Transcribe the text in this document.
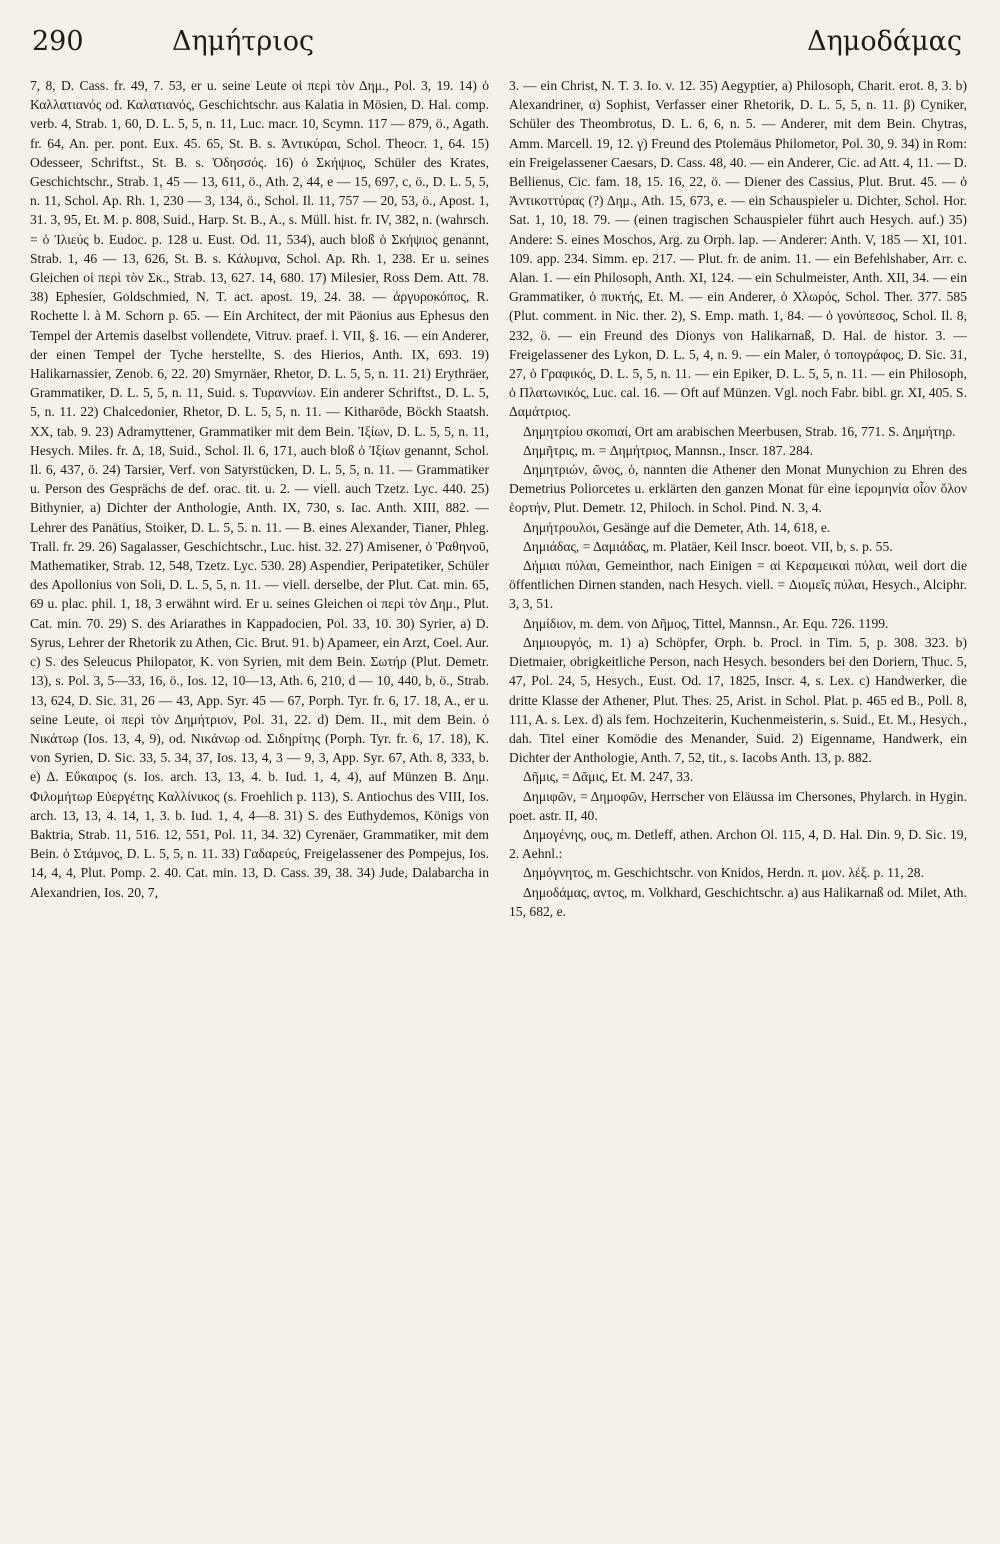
290	Δημήτριος	Δημοδάμας

7, 8, D. Cass. fr. 49, 7. 53, er u. seine Leute οἱ περὶ τὸν Δημ., Pol. 3, 19. 14) ὁ Καλλατιανός od. Καλατιανός, Geschichtschr. aus Kalatia in Mösien, D. Hal. comp. verb. 4, Strab. 1, 60, D. L. 5, 5, n. 11, Luc. macr. 10, Scymn. 117 — 879, ö., Agath. fr. 64, An. per. pont. Eux. 45. 65, St. B. s. Ἀντικύραι, Schol. Theocr. 1, 64. 15) Odesseer, Schriftst., St. B. s. Ὀδησσός. 16) ὁ Σκήψιος, Schüler des Krates, Geschichtschr., Strab. 1, 45 — 13, 611, ö., Ath. 2, 44, e — 15, 697, c, ö., D. L. 5, 5, n. 11, Schol. Ap. Rh. 1, 230 — 3, 134, ö., Schol. Il. 11, 757 — 20, 53, ö., Apost. 1, 31. 3, 95, Et. M. p. 808, Suid., Harp. St. B., A., s. Müll. hist. fr. IV, 382, n. (wahrsch. = ὁ Ἰλιεύς b. Eudoc. p. 128 u. Eust. Od. 11, 534), auch bloß ὁ Σκήψιος genannt, Strab. 1, 46 — 13, 626, St. B. s. Κάλυμνα, Schol. Ap. Rh. 1, 238. Er u. seines Gleichen οἱ περὶ τὸν Σκ., Strab. 13, 627. 14, 680. 17) Milesier, Ross Dem. Att. 78. 38) Ephesier, Goldschmied, N. T. act. apost. 19, 24. 38. — ἀργυροκόπος, R. Rochette l. à M. Schorn p. 65. — Ein Architect, der mit Päonius aus Ephesus den Tempel der Artemis daselbst vollendete, Vitruv. praef. l. VII, §. 16. — ein Anderer, der einen Tempel der Tyche herstellte, S. des Hierios, Anth. IX, 693. 19) Halikarnassier, Zenob. 6, 22. 20) Smyrnäer, Rhetor, D. L. 5, 5, n. 11. 21) Erythräer, Grammatiker, D. L. 5, 5, n. 11, Suid. s. Τυραννίων. Ein anderer Schriftst., D. L. 5, 5, n. 11. 22) Chalcedonier, Rhetor, D. L. 5, 5, n. 11. — Kitharöde, Böckh Staatsh. XX, tab. 9. 23) Adramyttener, Grammatiker mit dem Bein. Ἰξίων, D. L. 5, 5, n. 11, Hesych. Miles. fr. Δ, 18, Suid., Schol. Il. 6, 171, auch bloß ὁ Ἰξίων genannt, Schol. Il. 6, 437, ö. 24) Tarsier, Verf. von Satyrstücken, D. L. 5, 5, n. 11. — Grammatiker u. Person des Gesprächs de def. orac. tit. u. 2. — viell. auch Tzetz. Lyc. 440. 25) Bithynier, a) Dichter der Anthologie, Anth. IX, 730, s. Iac. Anth. XIII, 882. — Lehrer des Panätius, Stoiker, D. L. 5, 5. n. 11. — B. eines Alexander, Tianer, Phleg. Trall. fr. 29. 26) Sagalasser, Geschichtschr., Luc. hist. 32. 27) Amisener, ὁ Ῥαθηνοῦ, Mathematiker, Strab. 12, 548, Tzetz. Lyc. 530. 28) Aspendier, Peripatetiker, Schüler des Apollonius von Soli, D. L. 5, 5, n. 11. — viell. derselbe, der Plut. Cat. min. 65, 69 u. plac. phil. 1, 18, 3 erwähnt wird. Er u. seines Gleichen οἱ περὶ τὸν Δημ., Plut. Cat. min. 70. 29) S. des Ariarathes in Kappadocien, Pol. 33, 10. 30) Syrier, a) D. Syrus, Lehrer der Rhetorik zu Athen, Cic. Brut. 91. b) Apameer, ein Arzt, Coel. Aur. c) S. des Seleucus Philopator, K. von Syrien, mit dem Bein. Σωτήρ (Plut. Demetr. 13), s. Pol. 3, 5—33, 16, ö., Ios. 12, 10—13, Ath. 6, 210, d — 10, 440, b, ö., Strab. 13, 624, D. Sic. 31, 26 — 43, App. Syr. 45 — 67, Porph. Tyr. fr. 6, 17. 18, A., er u. seine Leute, οἱ περὶ τὸν Δημήτριον, Pol. 31, 22. d) Dem. II., mit dem Bein. ὁ Νικάτωρ (Ios. 13, 4, 9), od. Νικάνωρ od. Σιδηρίτης (Porph. Tyr. fr. 6, 17. 18), K. von Syrien, D. Sic. 33, 5. 34, 37, Ios. 13, 4, 3 — 9, 3, App. Syr. 67, Ath. 8, 333, b. e) Δ. Εὔκαιρος (s. Ios. arch. 13, 13, 4. b. Iud. 1, 4, 4), auf Münzen Β. Δημ. Φιλομήτωρ Εὐεργέτης Καλλίνικος (s. Froehlich p. 113), S. Antiochus des VIII, Ios. arch. 13, 13, 4. 14, 1, 3. b. Iud. 1, 4, 4—8. 31) S. des Euthydemos, Königs von Baktria, Strab. 11, 516. 12, 551, Pol. 11, 34. 32) Cyrenäer, Grammatiker, mit dem Bein. ὁ Στάμνος, D. L. 5, 5, n. 11. 33) Γαδαρεύς, Freigelassener des Pompejus, Ios. 14, 4, 4, Plut. Pomp. 2. 40. Cat. min. 13, D. Cass. 39, 38. 34) Jude, Dalabarcha in Alexandrien, Ios. 20, 7,

3. — ein Christ, N. T. 3. Io. v. 12. 35) Aegyptier, a) Philosoph, Charit. erot. 8, 3. b) Alexandriner, α) Sophist, Verfasser einer Rhetorik, D. L. 5, 5, n. 11. β) Cyniker, Schüler des Theombrotus, D. L. 6, 6, n. 5. — Anderer, mit dem Bein. Chytras, Amm. Marcell. 19, 12. γ) Freund des Ptolemäus Philometor, Pol. 30, 9. 34) in Rom: ein Freigelassener Caesars, D. Cass. 48, 40. — ein Anderer, Cic. ad Att. 4, 11. — D. Bellienus, Cic. fam. 18, 15. 16, 22, ö. — Diener des Cassius, Plut. Brut. 45. — ὁ Ἀντικοττύρας (?) Δημ., Ath. 15, 673, e. — ein Schauspieler u. Dichter, Schol. Hor. Sat. 1, 10, 18. 79. — (einen tragischen Schauspieler führt auch Hesych. auf.) 35) Andere: S. eines Moschos, Arg. zu Orph. lap. — Anderer: Anth. V, 185 — XI, 101. 109. app. 234. Simm. ep. 217. — Plut. fr. de anim. 11. — ein Befehlshaber, Arr. c. Alan. 1. — ein Philosoph, Anth. XI, 124. — ein Schulmeister, Anth. XII, 34. — ein Grammatiker, ὁ πυκτής, Et. M. — ein Anderer, ὁ Χλωρός, Schol. Ther. 377. 585 (Plut. comment. in Nic. ther. 2), S. Emp. math. 1, 84. — ὁ γονύπεσος, Schol. Il. 8, 232, ö. — ein Freund des Dionys von Halikarnaß, D. Hal. de histor. 3. — Freigelassener des Lykon, D. L. 5, 4, n. 9. — ein Maler, ὁ τοπογράφος, D. Sic. 31, 27, ὁ Γραφικός, D. L. 5, 5, n. 11. — ein Epiker, D. L. 5, 5, n. 11. — ein Philosoph, ὁ Πλατωνικός, Luc. cal. 16. — Oft auf Münzen. Vgl. noch Fabr. bibl. gr. XI, 405. S. Δαμάτριος.

Δημητρίου σκοπιαί, Ort am arabischen Meerbusen, Strab. 16, 771. S. Δημήτηρ.

Δημῆτρις, m. = Δημήτριος, Mannsn., Inscr. 187. 284.

Δημητριών, ῶνος, ὁ, nannten die Athener den Monat Munychion zu Ehren des Demetrius Poliorcetes u. erklärten den ganzen Monat für eine ἱερομηνία οἷον ὅλον ἑορτήν, Plut. Demetr. 12, Philoch. in Schol. Pind. N. 3, 4.

Δημήτρουλοι, Gesänge auf die Demeter, Ath. 14, 618, e.

Δημιάδας, = Δαμιάδας, m. Platäer, Keil Inscr. boeot. VII, b, s. p. 55.

Δήμιαι πύλαι, Gemeinthor, nach Einigen = αἱ Κεραμεικαὶ πύλαι, weil dort die öffentlichen Dirnen standen, nach Hesych. viell. = Διομεῖς πύλαι, Hesych., Alciphr. 3, 3, 51.

Δημίδιον, m. dem. von Δῆμος, Tittel, Mannsn., Ar. Equ. 726. 1199.

Δημιουργός, m. 1) a) Schöpfer, Orph. b. Procl. in Tim. 5, p. 308. 323. b) Dietmaier, obrigkeitliche Person, nach Hesych. besonders bei den Doriern, Thuc. 5, 47, Pol. 24, 5, Hesych., Eust. Od. 17, 1825, Inscr. 4, s. Lex. c) Handwerker, die dritte Klasse der Athener, Plut. Thes. 25, Arist. in Schol. Plat. p. 465 ed B., Poll. 8, 111, A. s. Lex. d) als fem. Hochzeiterin, Kuchenmeisterin, s. Suid., Et. M., Hesych., dah. Titel einer Komödie des Menander, Suid. 2) Eigenname, Handwerk, ein Dichter der Anthologie, Anth. 7, 52, tit., s. Iacobs Anth. 13, p. 882.

Δῆμις, = Δᾶμις, Et. M. 247, 33.

Δημιφῶν, = Δημοφῶν, Herrscher von Eläussa im Chersones, Phylarch. in Hygin. poet. astr. II, 40.

Δημογένης, ους, m. Detleff, athen. Archon Ol. 115, 4, D. Hal. Din. 9, D. Sic. 19, 2. Aehnl.:

Δημόγνητος, m. Geschichtschr. von Knidos, Herdn. π. μον. λέξ. p. 11, 28.

Δημοδάμας, αντος, m. Volkhard, Geschichtschr. a) aus Halikarnaß od. Milet, Ath. 15, 682, e.
